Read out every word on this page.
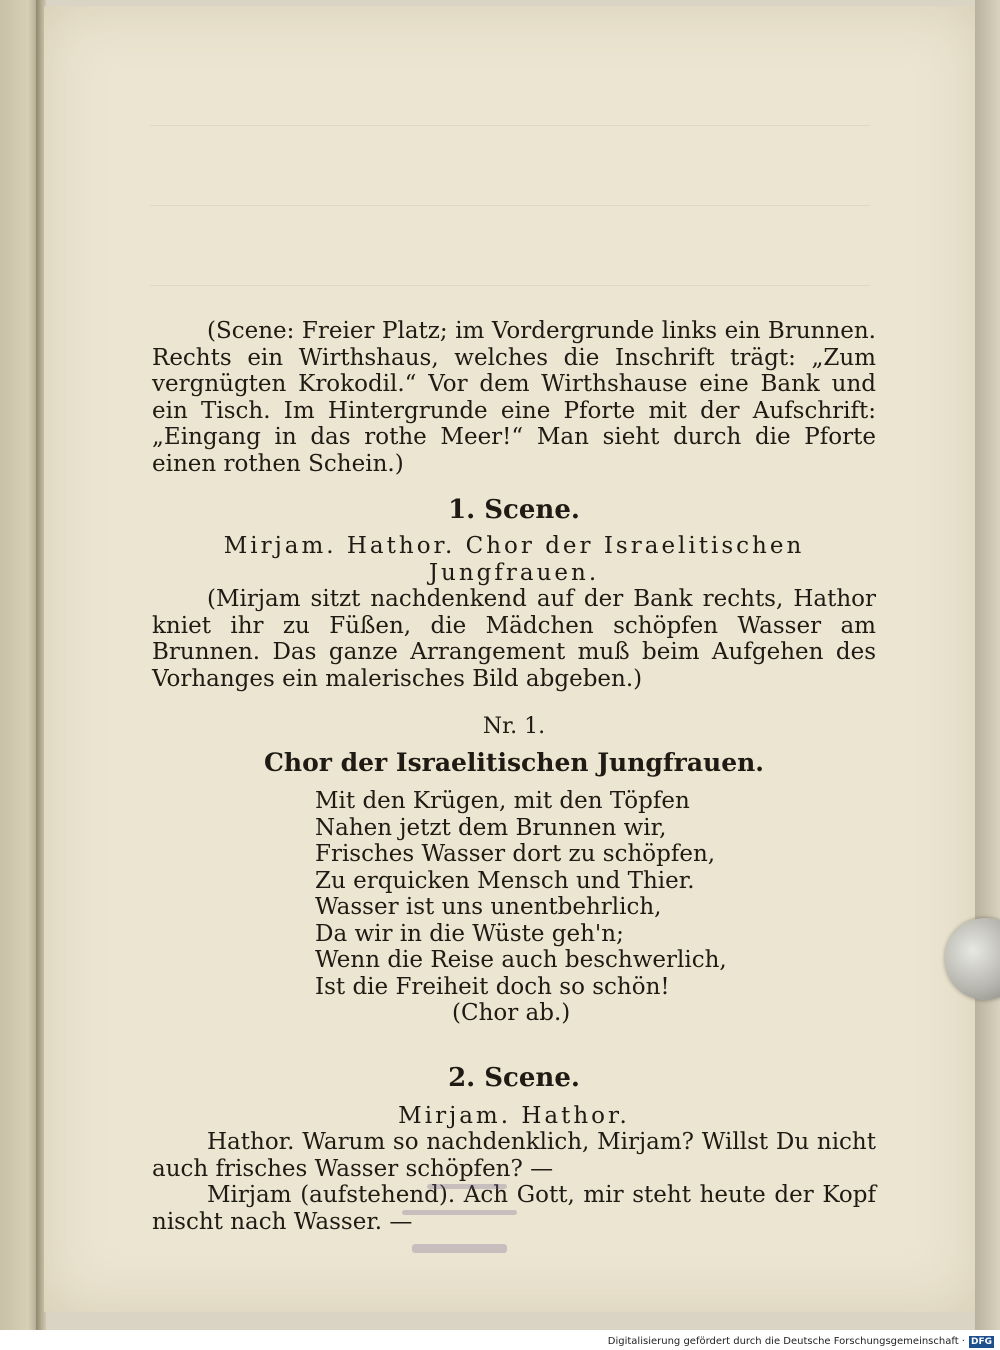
(Scene: Freier Platz; im Vordergrunde links ein Brunnen. Rechts ein Wirthshaus, welches die Inschrift trägt: „Zum vergnügten Krokodil.“ Vor dem Wirthshause eine Bank und ein Tisch. Im Hintergrunde eine Pforte mit der Aufschrift: „Eingang in das rothe Meer!“ Man sieht durch die Pforte einen rothen Schein.)

1. Scene.

Mirjam. Hathor. Chor der Israelitischen Jungfrauen.

(Mirjam sitzt nachdenkend auf der Bank rechts, Hathor kniet ihr zu Füßen, die Mädchen schöpfen Wasser am Brunnen. Das ganze Arrangement muß beim Aufgehen des Vorhanges ein malerisches Bild abgeben.)

Nr. 1.

Chor der Israelitischen Jungfrauen.

Mit den Krügen, mit den Töpfen
Nahen jetzt dem Brunnen wir,
Frisches Wasser dort zu schöpfen,
Zu erquicken Mensch und Thier.
Wasser ist uns unentbehrlich,
Da wir in die Wüste geh'n;
Wenn die Reise auch beschwerlich,
Ist die Freiheit doch so schön!

(Chor ab.)

2. Scene.

Mirjam. Hathor.

Hathor. Warum so nachdenklich, Mirjam? Willst Du nicht auch frisches Wasser schöpfen? —

Mirjam (aufstehend). Ach Gott, mir steht heute der Kopf nischt nach Wasser. —

Digitalisierung gefördert durch die Deutsche Forschungsgemeinschaft · DFG
